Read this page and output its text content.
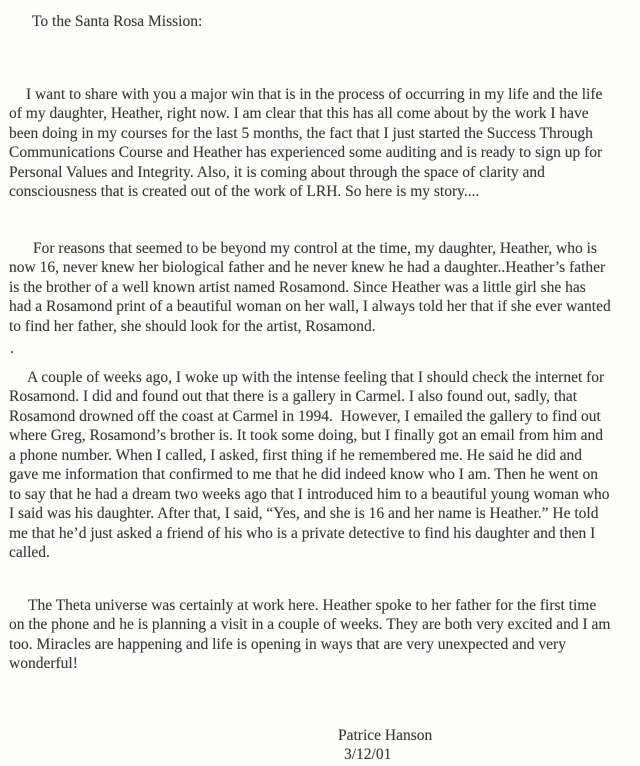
To the Santa Rosa Mission:
I want to share with you a major win that is in the process of occurring in my life and the life
of my daughter, Heather, right now. I am clear that this has all come about by the work I have
been doing in my courses for the last 5 months, the fact that I just started the Success Through
Communications Course and Heather has experienced some auditing and is ready to sign up for
Personal Values and Integrity. Also, it is coming about through the space of clarity and
consciousness that is created out of the work of LRH. So here is my story....
For reasons that seemed to be beyond my control at the time, my daughter, Heather, who is
now 16, never knew her biological father and he never knew he had a daughter..Heather’s father
is the brother of a well known artist named Rosamond. Since Heather was a little girl she has
had a Rosamond print of a beautiful woman on her wall, I always told her that if she ever wanted
to find her father, she should look for the artist, Rosamond.
.
A couple of weeks ago, I woke up with the intense feeling that I should check the internet for
Rosamond. I did and found out that there is a gallery in Carmel. I also found out, sadly, that
Rosamond drowned off the coast at Carmel in 1994.  However, I emailed the gallery to find out
where Greg, Rosamond’s brother is. It took some doing, but I finally got an email from him and
a phone number. When I called, I asked, first thing if he remembered me. He said he did and
gave me information that confirmed to me that he did indeed know who I am. Then he went on
to say that he had a dream two weeks ago that I introduced him to a beautiful young woman who
I said was his daughter. After that, I said, “Yes, and she is 16 and her name is Heather.” He told
me that he’d just asked a friend of his who is a private detective to find his daughter and then I
called.
The Theta universe was certainly at work here. Heather spoke to her father for the first time
on the phone and he is planning a visit in a couple of weeks. They are both very excited and I am
too. Miracles are happening and life is opening in ways that are very unexpected and very
wonderful!
Patrice Hanson
3/12/01
